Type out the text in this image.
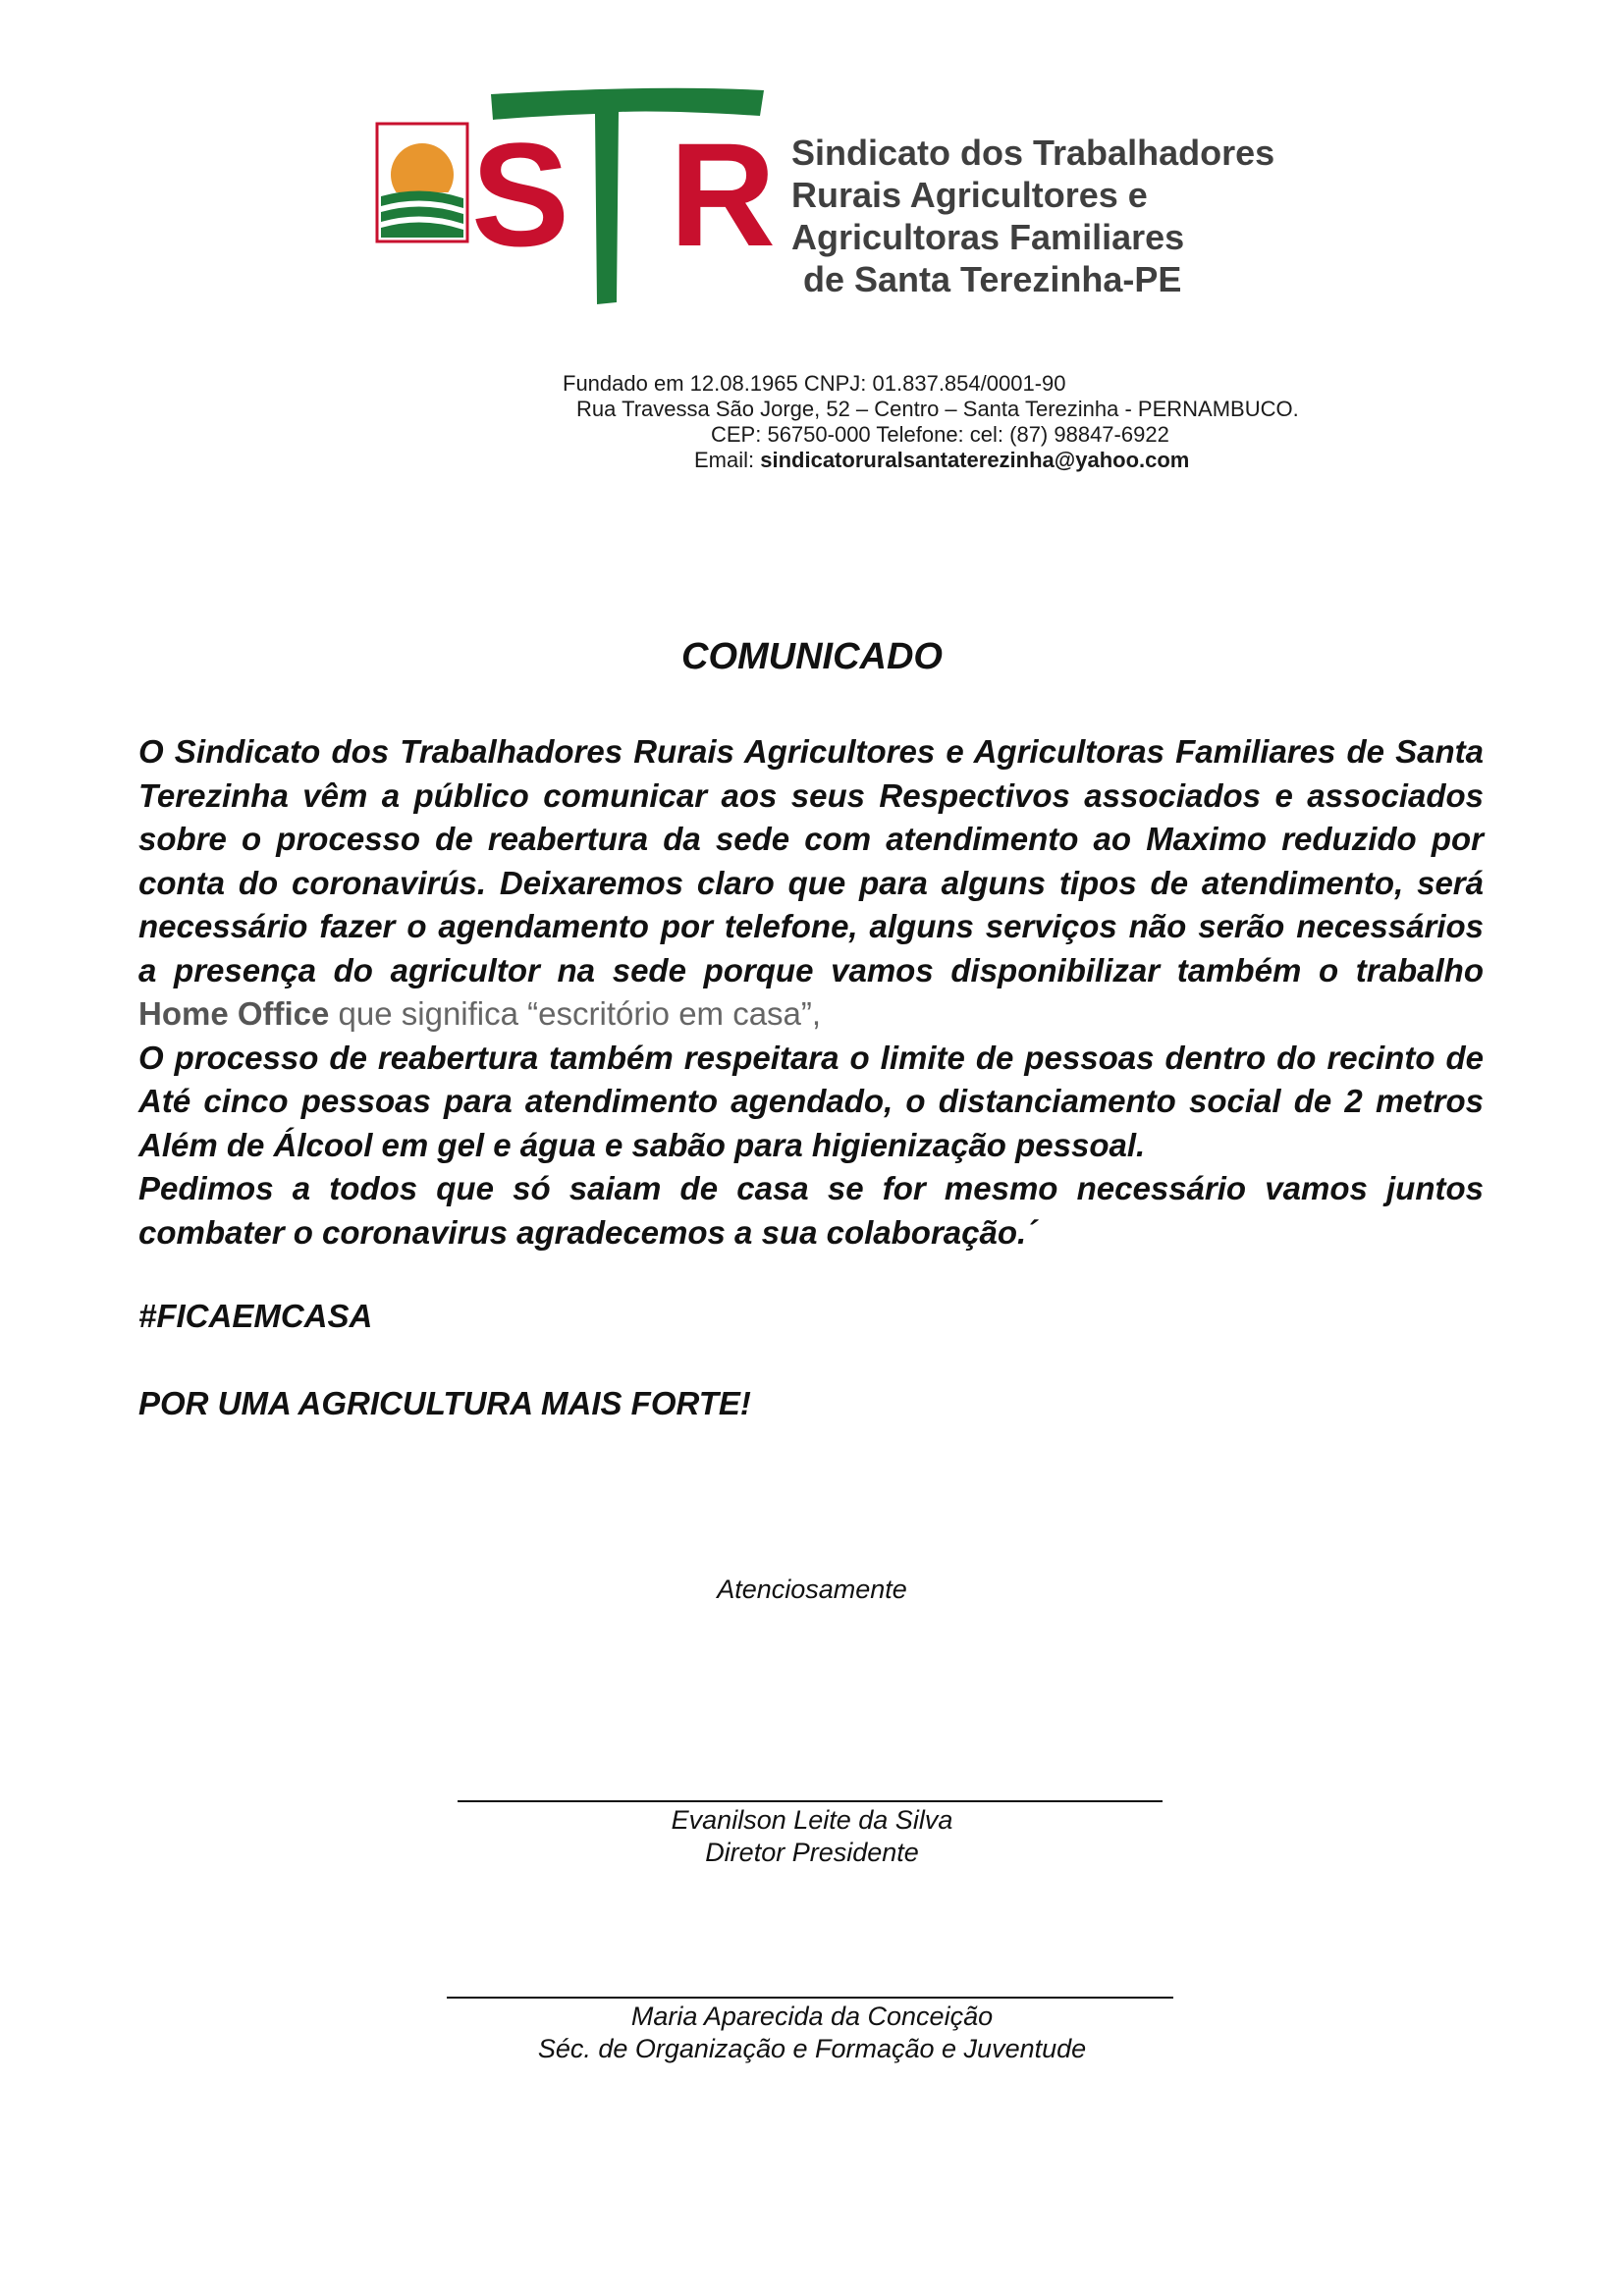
S TR Sindicato dos Trabalhadores
Rurais Agricultores e
Agricultoras Familiares
de Santa Terezinha-PE
Fundado em 12.08.1965 CNPJ: 01.837.854/0001-90
Rua Travessa São Jorge, 52 – Centro – Santa Terezinha - PERNAMBUCO.
CEP: 56750-000 Telefone: cel: (87) 98847-6922
Email: sindicatoruralsantaterezinha@yahoo.com
COMUNICADO

O Sindicato dos Trabalhadores Rurais Agricultores e Agricultoras Familiares de Santa Terezinha vêm a público comunicar aos seus Respectivos associados e associados sobre o processo de reabertura da sede com atendimento ao Maximo reduzido por conta do coronavirús. Deixaremos claro que para alguns tipos de atendimento, será necessário fazer o agendamento por telefone, alguns serviços não serão necessários a presença do agricultor na sede porque vamos disponibilizar também o trabalho Home Office que significa “escritório em casa”,

O processo de reabertura também respeitara o limite de pessoas dentro do recinto de Até cinco pessoas para atendimento agendado, o distanciamento social de 2 metros Além de Álcool em gel e água e sabão para higienização pessoal.

Pedimos a todos que só saiam de casa se for mesmo necessário vamos juntos combater o coronavirus agradecemos a sua colaboração.´

#FICAEMCASA
POR UMA AGRICULTURA MAIS FORTE!
Atenciosamente
Evanilson Leite da Silva
Diretor Presidente
Maria Aparecida da Conceição
Séc. de Organização e Formação e Juventude
